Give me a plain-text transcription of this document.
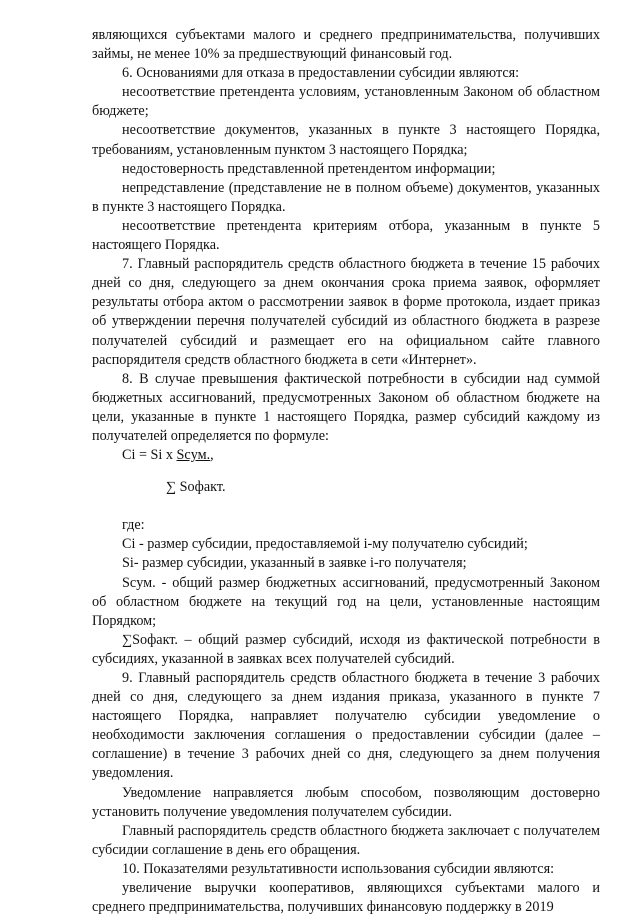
являющихся субъектами малого и среднего предпринимательства, получивших займы, не менее 10% за предшествующий финансовый год.

6. Основаниями для отказа в предоставлении субсидии являются:

несоответствие претендента условиям, установленным Законом об областном бюджете;

несоответствие документов, указанных в пункте 3 настоящего Порядка, требованиям, установленным пунктом 3 настоящего Порядка;

недостоверность представленной претендентом информации;

непредставление (представление не в полном объеме) документов, указанных в пункте 3 настоящего Порядка.

несоответствие претендента критериям отбора, указанным в пункте 5 настоящего Порядка.

7. Главный распорядитель средств областного бюджета в течение 15 рабочих дней со дня, следующего за днем окончания срока приема заявок, оформляет результаты отбора актом о рассмотрении заявок в форме протокола, издает приказ об утверждении перечня получателей субсидий из областного бюджета в разрезе получателей субсидий и размещает его на официальном сайте главного распорядителя средств областного бюджета в сети «Интернет».

8. В случае превышения фактической потребности в субсидии над суммой бюджетных ассигнований, предусмотренных Законом об областном бюджете на цели, указанные в пункте 1 настоящего Порядка, размер субсидий каждому из получателей определяется по формуле:

Ci = Si x Scум.,
∑ Sофакт.

где:

Ci - размер субсидии, предоставляемой i-му получателю субсидий;

Si- размер субсидии, указанный в заявке i-го получателя;

Scум. - общий размер бюджетных ассигнований, предусмотренный Законом об областном бюджете на текущий год на цели, установленные настоящим Порядком;

∑Sофакт. – общий размер субсидий, исходя из фактической потребности в субсидиях, указанной в заявках всех получателей субсидий.

9. Главный распорядитель средств областного бюджета в течение 3 рабочих дней со дня, следующего за днем издания приказа, указанного в пункте 7 настоящего Порядка, направляет получателю субсидии уведомление о необходимости заключения соглашения о предоставлении субсидии (далее – соглашение) в течение 3 рабочих дней со дня, следующего за днем получения уведомления.

Уведомление направляется любым способом, позволяющим достоверно установить получение уведомления получателем субсидии.

Главный распорядитель средств областного бюджета заключает с получателем субсидии соглашение в день его обращения.

10. Показателями результативности использования субсидии являются:

увеличение выручки кооперативов, являющихся субъектами малого и среднего предпринимательства, получивших финансовую поддержку в 2019
